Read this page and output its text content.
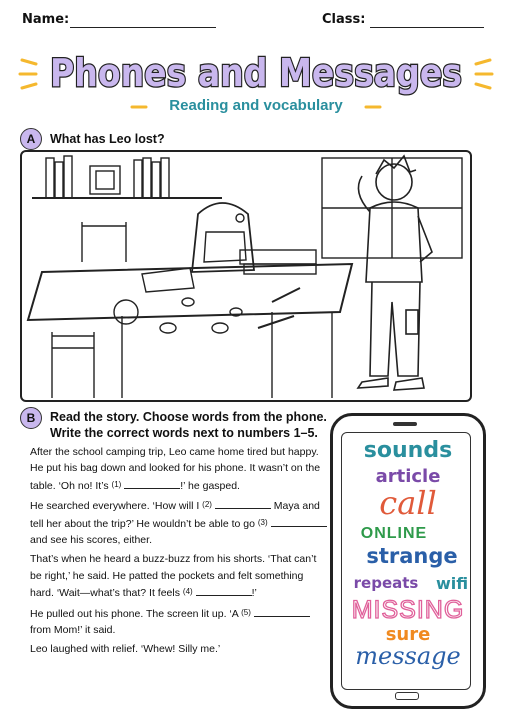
Name:	Class:
Phones and Messages
Reading and vocabulary
A	What has Leo lost?
B	Read the story. Choose words from the phone.
Write the correct words next to numbers 1–5.

After the school camping trip, Leo came home tired but happy. He put his bag down and looked for his phone. It wasn’t on the table. ‘Oh no! It’s (1)	!’ he gasped.

He searched everywhere. ‘How will I (2)	Maya and tell her about the trip?’ He wouldn’t be able to go (3)  and see his scores, either.

That’s when he heard a buzz-buzz from his shorts. ‘That can’t be right,’ he said. He patted the pockets and felt something hard. ‘Wait—what’s that? It feels (4)	!’

He pulled out his phone. The screen lit up. ‘A (5)  from Mom!’ it said.

Leo laughed with relief. ‘Whew! Silly me.’

sounds
article
call
ONLINE
strange
repeats	wifi
MISSING
sure
message
